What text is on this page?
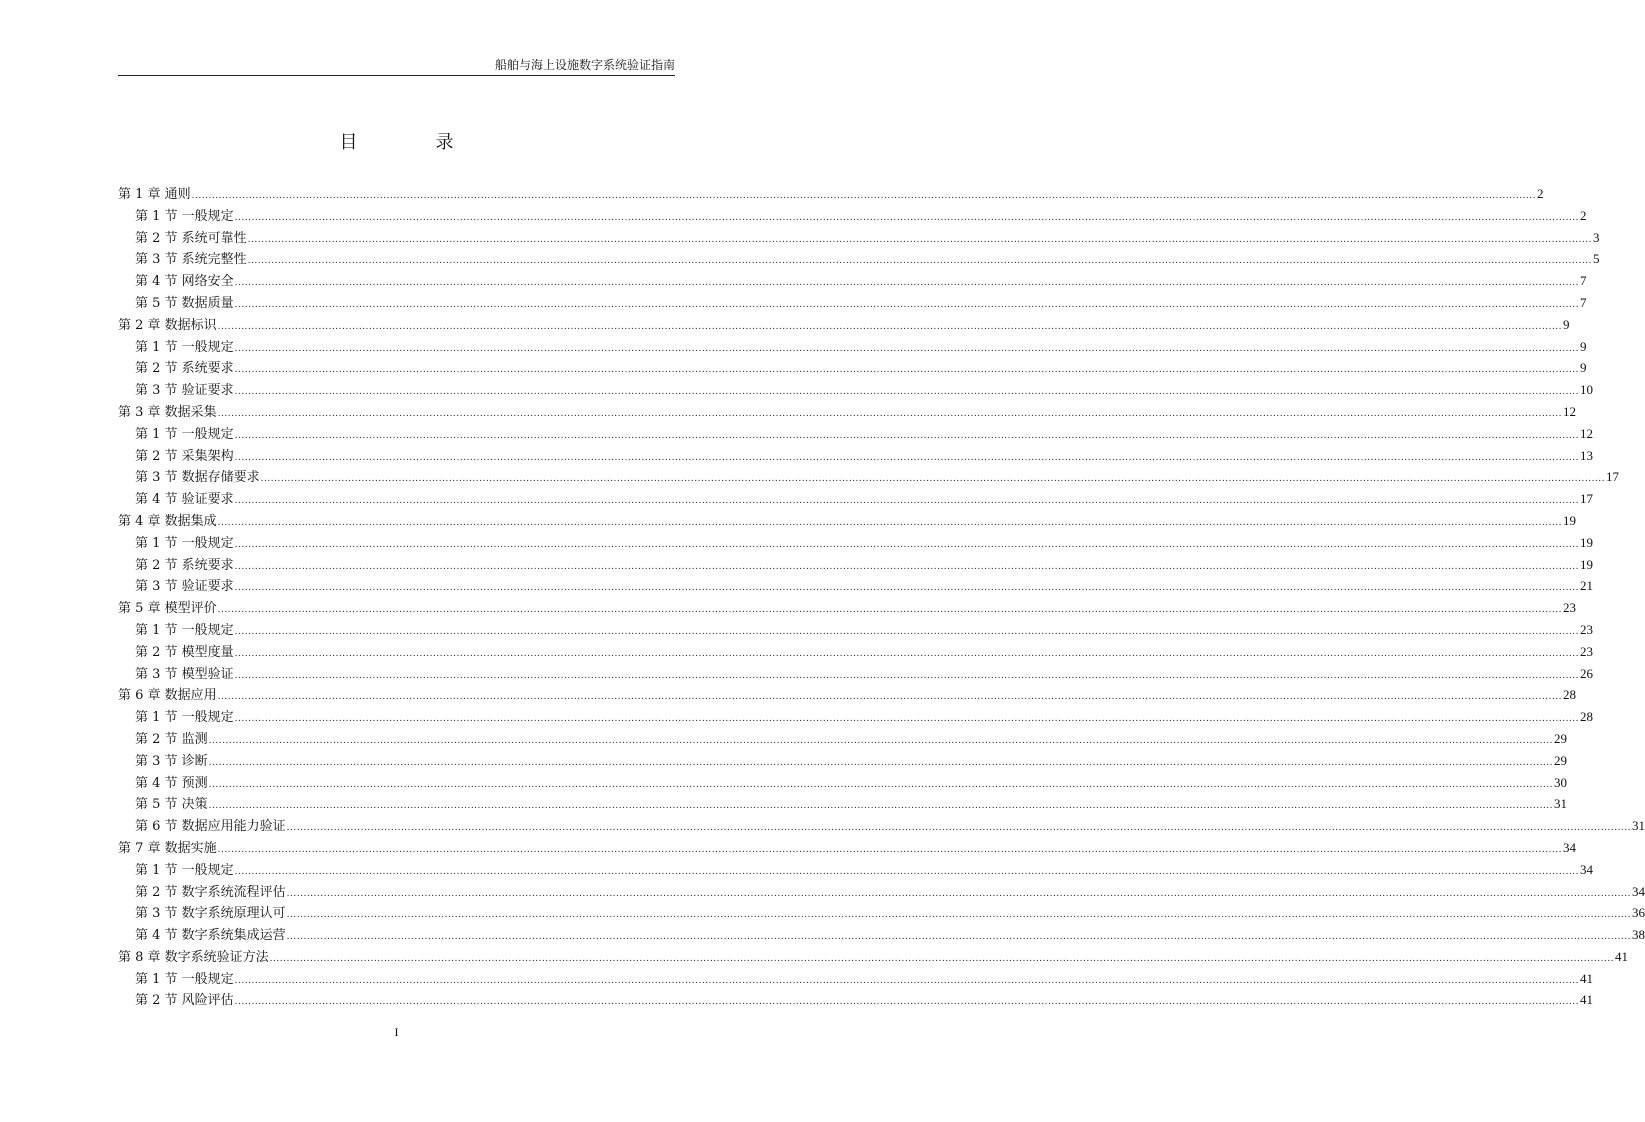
船舶与海上设施数字系统验证指南
目　录
第 1 章 通则 ................................................................................................................................................................................................................................................................................................................................................................................................................ 2
第 1 节 一般规定 ................................................................................................................................................................................................................................................................................................................................................................................................................ 2
第 2 节 系统可靠性 ................................................................................................................................................................................................................................................................................................................................................................................................................ 3
第 3 节 系统完整性 ................................................................................................................................................................................................................................................................................................................................................................................................................ 5
第 4 节 网络安全 ................................................................................................................................................................................................................................................................................................................................................................................................................ 7
第 5 节 数据质量 ................................................................................................................................................................................................................................................................................................................................................................................................................ 7
第 2 章 数据标识 ................................................................................................................................................................................................................................................................................................................................................................................................................ 9
第 1 节 一般规定 ................................................................................................................................................................................................................................................................................................................................................................................................................ 9
第 2 节 系统要求 ................................................................................................................................................................................................................................................................................................................................................................................................................ 9
第 3 节 验证要求 ................................................................................................................................................................................................................................................................................................................................................................................................................ 10
第 3 章 数据采集 ................................................................................................................................................................................................................................................................................................................................................................................................................ 12
第 1 节 一般规定 ................................................................................................................................................................................................................................................................................................................................................................................................................ 12
第 2 节 采集架构 ................................................................................................................................................................................................................................................................................................................................................................................................................ 13
第 3 节 数据存储要求 ................................................................................................................................................................................................................................................................................................................................................................................................................ 17
第 4 节 验证要求 ................................................................................................................................................................................................................................................................................................................................................................................................................ 17
第 4 章 数据集成 ................................................................................................................................................................................................................................................................................................................................................................................................................ 19
第 1 节 一般规定 ................................................................................................................................................................................................................................................................................................................................................................................................................ 19
第 2 节 系统要求 ................................................................................................................................................................................................................................................................................................................................................................................................................ 19
第 3 节 验证要求 ................................................................................................................................................................................................................................................................................................................................................................................................................ 21
第 5 章 模型评价 ................................................................................................................................................................................................................................................................................................................................................................................................................ 23
第 1 节 一般规定 ................................................................................................................................................................................................................................................................................................................................................................................................................ 23
第 2 节 模型度量 ................................................................................................................................................................................................................................................................................................................................................................................................................ 23
第 3 节 模型验证 ................................................................................................................................................................................................................................................................................................................................................................................................................ 26
第 6 章 数据应用 ................................................................................................................................................................................................................................................................................................................................................................................................................ 28
第 1 节 一般规定 ................................................................................................................................................................................................................................................................................................................................................................................................................ 28
第 2 节 监测 ................................................................................................................................................................................................................................................................................................................................................................................................................ 29
第 3 节 诊断 ................................................................................................................................................................................................................................................................................................................................................................................................................ 29
第 4 节 预测 ................................................................................................................................................................................................................................................................................................................................................................................................................ 30
第 5 节 决策 ................................................................................................................................................................................................................................................................................................................................................................................................................ 31
第 6 节 数据应用能力验证 ................................................................................................................................................................................................................................................................................................................................................................................................................ 31
第 7 章 数据实施 ................................................................................................................................................................................................................................................................................................................................................................................................................ 34
第 1 节 一般规定 ................................................................................................................................................................................................................................................................................................................................................................................................................ 34
第 2 节 数字系统流程评估 ................................................................................................................................................................................................................................................................................................................................................................................................................ 34
第 3 节 数字系统原理认可 ................................................................................................................................................................................................................................................................................................................................................................................................................ 36
第 4 节 数字系统集成运营 ................................................................................................................................................................................................................................................................................................................................................................................................................ 38
第 8 章 数字系统验证方法 ................................................................................................................................................................................................................................................................................................................................................................................................................ 41
第 1 节 一般规定 ................................................................................................................................................................................................................................................................................................................................................................................................................ 41
第 2 节 风险评估 ................................................................................................................................................................................................................................................................................................................................................................................................................ 41
I
